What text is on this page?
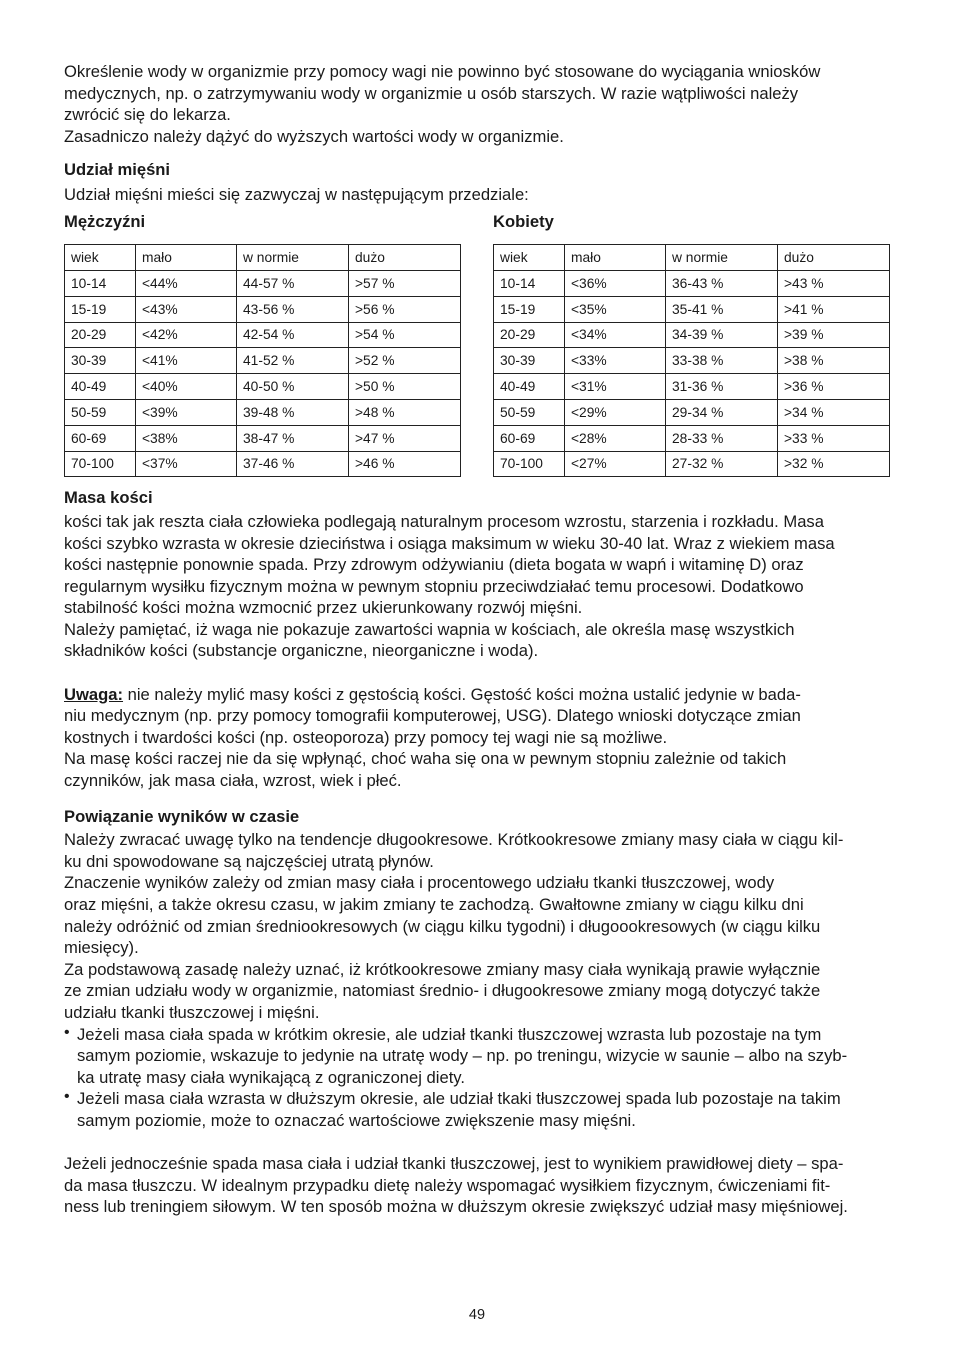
Określenie wody w organizmie przy pomocy wagi nie powinno być stosowane do wyciągania wniosków

medycznych, np. o zatrzymywaniu wody w organizmie u osób starszych. W razie wątpliwości należy

zwrócić się do lekarza.

Zasadniczo należy dążyć do wyższych wartości wody w organizmie.

Udział mięśni

Udział mięśni mieści się zazwyczaj w następującym przedziale:

Mężczyźni
wiek	mało	w normie	dużo
10-14	<44%	44-57 %	>57 %
15-19	<43%	43-56 %	>56 %
20-29	<42%	42-54 %	>54 %
30-39	<41%	41-52 %	>52 %
40-49	<40%	40-50 %	>50 %
50-59	<39%	39-48 %	>48 %
60-69	<38%	38-47 %	>47 %
70-100	<37%	37-46 %	>46 %
Kobiety
wiek	mało	w normie	dużo
10-14	<36%	36-43 %	>43 %
15-19	<35%	35-41 %	>41 %
20-29	<34%	34-39 %	>39 %
30-39	<33%	33-38 %	>38 %
40-49	<31%	31-36 %	>36 %
50-59	<29%	29-34 %	>34 %
60-69	<28%	28-33 %	>33 %
70-100	<27%	27-32 %	>32 %
Masa kości

kości tak jak reszta ciała człowieka podlegają naturalnym procesom wzrostu, starzenia i rozkładu. Masa

kości szybko wzrasta w okresie dzieciństwa i osiąga maksimum w wieku 30-40 lat. Wraz z wiekiem masa

kości następnie ponownie spada. Przy zdrowym odżywianiu (dieta bogata w wapń i witaminę D) oraz

regularnym wysiłku fizycznym można w pewnym stopniu przeciwdziałać temu procesowi. Dodatkowo

stabilność kości można wzmocnić przez ukierunkowany rozwój mięśni.

Należy pamiętać, iż waga nie pokazuje zawartości wapnia w kościach, ale określa masę wszystkich

składników kości (substancje organiczne, nieorganiczne i woda).

Uwaga: nie należy mylić masy kości z gęstością kości. Gęstość kości można ustalić jedynie w bada-

niu medycznym (np. przy pomocy tomografii komputerowej, USG). Dlatego wnioski dotyczące zmian

kostnych i twardości kości (np. osteoporoza) przy pomocy tej wagi nie są możliwe.

Na masę kości raczej nie da się wpłynąć, choć waha się ona w pewnym stopniu zależnie od takich

czynników, jak masa ciała, wzrost, wiek i płeć.

Powiązanie wyników w czasie

Należy zwracać uwagę tylko na tendencje długookresowe. Krótkookresowe zmiany masy ciała w ciągu kil-

ku dni spowodowane są najczęściej utratą płynów.

Znaczenie wyników zależy od zmian masy ciała i procentowego udziału tkanki tłuszczowej, wody

oraz mięśni, a także okresu czasu, w jakim zmiany te zachodzą. Gwałtowne zmiany w ciągu kilku dni

należy odróżnić od zmian średniookresowych (w ciągu kilku tygodni) i długoookresowych (w ciągu kilku

miesięcy).

Za podstawową zasadę należy uznać, iż krótkookresowe zmiany masy ciała wynikają prawie wyłącznie

ze zmian udziału wody w organizmie, natomiast średnio- i długookresowe zmiany mogą dotyczyć także

udziału tkanki tłuszczowej i mięśni.

• Jeżeli masa ciała spada w krótkim okresie, ale udział tkanki tłuszczowej wzrasta lub pozostaje na tym

samym poziomie, wskazuje to jedynie na utratę wody – np. po treningu, wizycie w saunie – albo na szyb-

ka utratę masy ciała wynikającą z ograniczonej diety.

• Jeżeli masa ciała wzrasta w dłuższym okresie, ale udział tkaki tłuszczowej spada lub pozostaje na takim

samym poziomie, może to oznaczać wartościowe zwiększenie masy mięśni.

Jeżeli jednocześnie spada masa ciała i udział tkanki tłuszczowej, jest to wynikiem prawidłowej diety – spa-

da masa tłuszczu. W idealnym przypadku dietę należy wspomagać wysiłkiem fizycznym, ćwiczeniami fit-

ness lub treningiem siłowym. W ten sposób można w dłuższym okresie zwiększyć udział masy mięśniowej.

49
